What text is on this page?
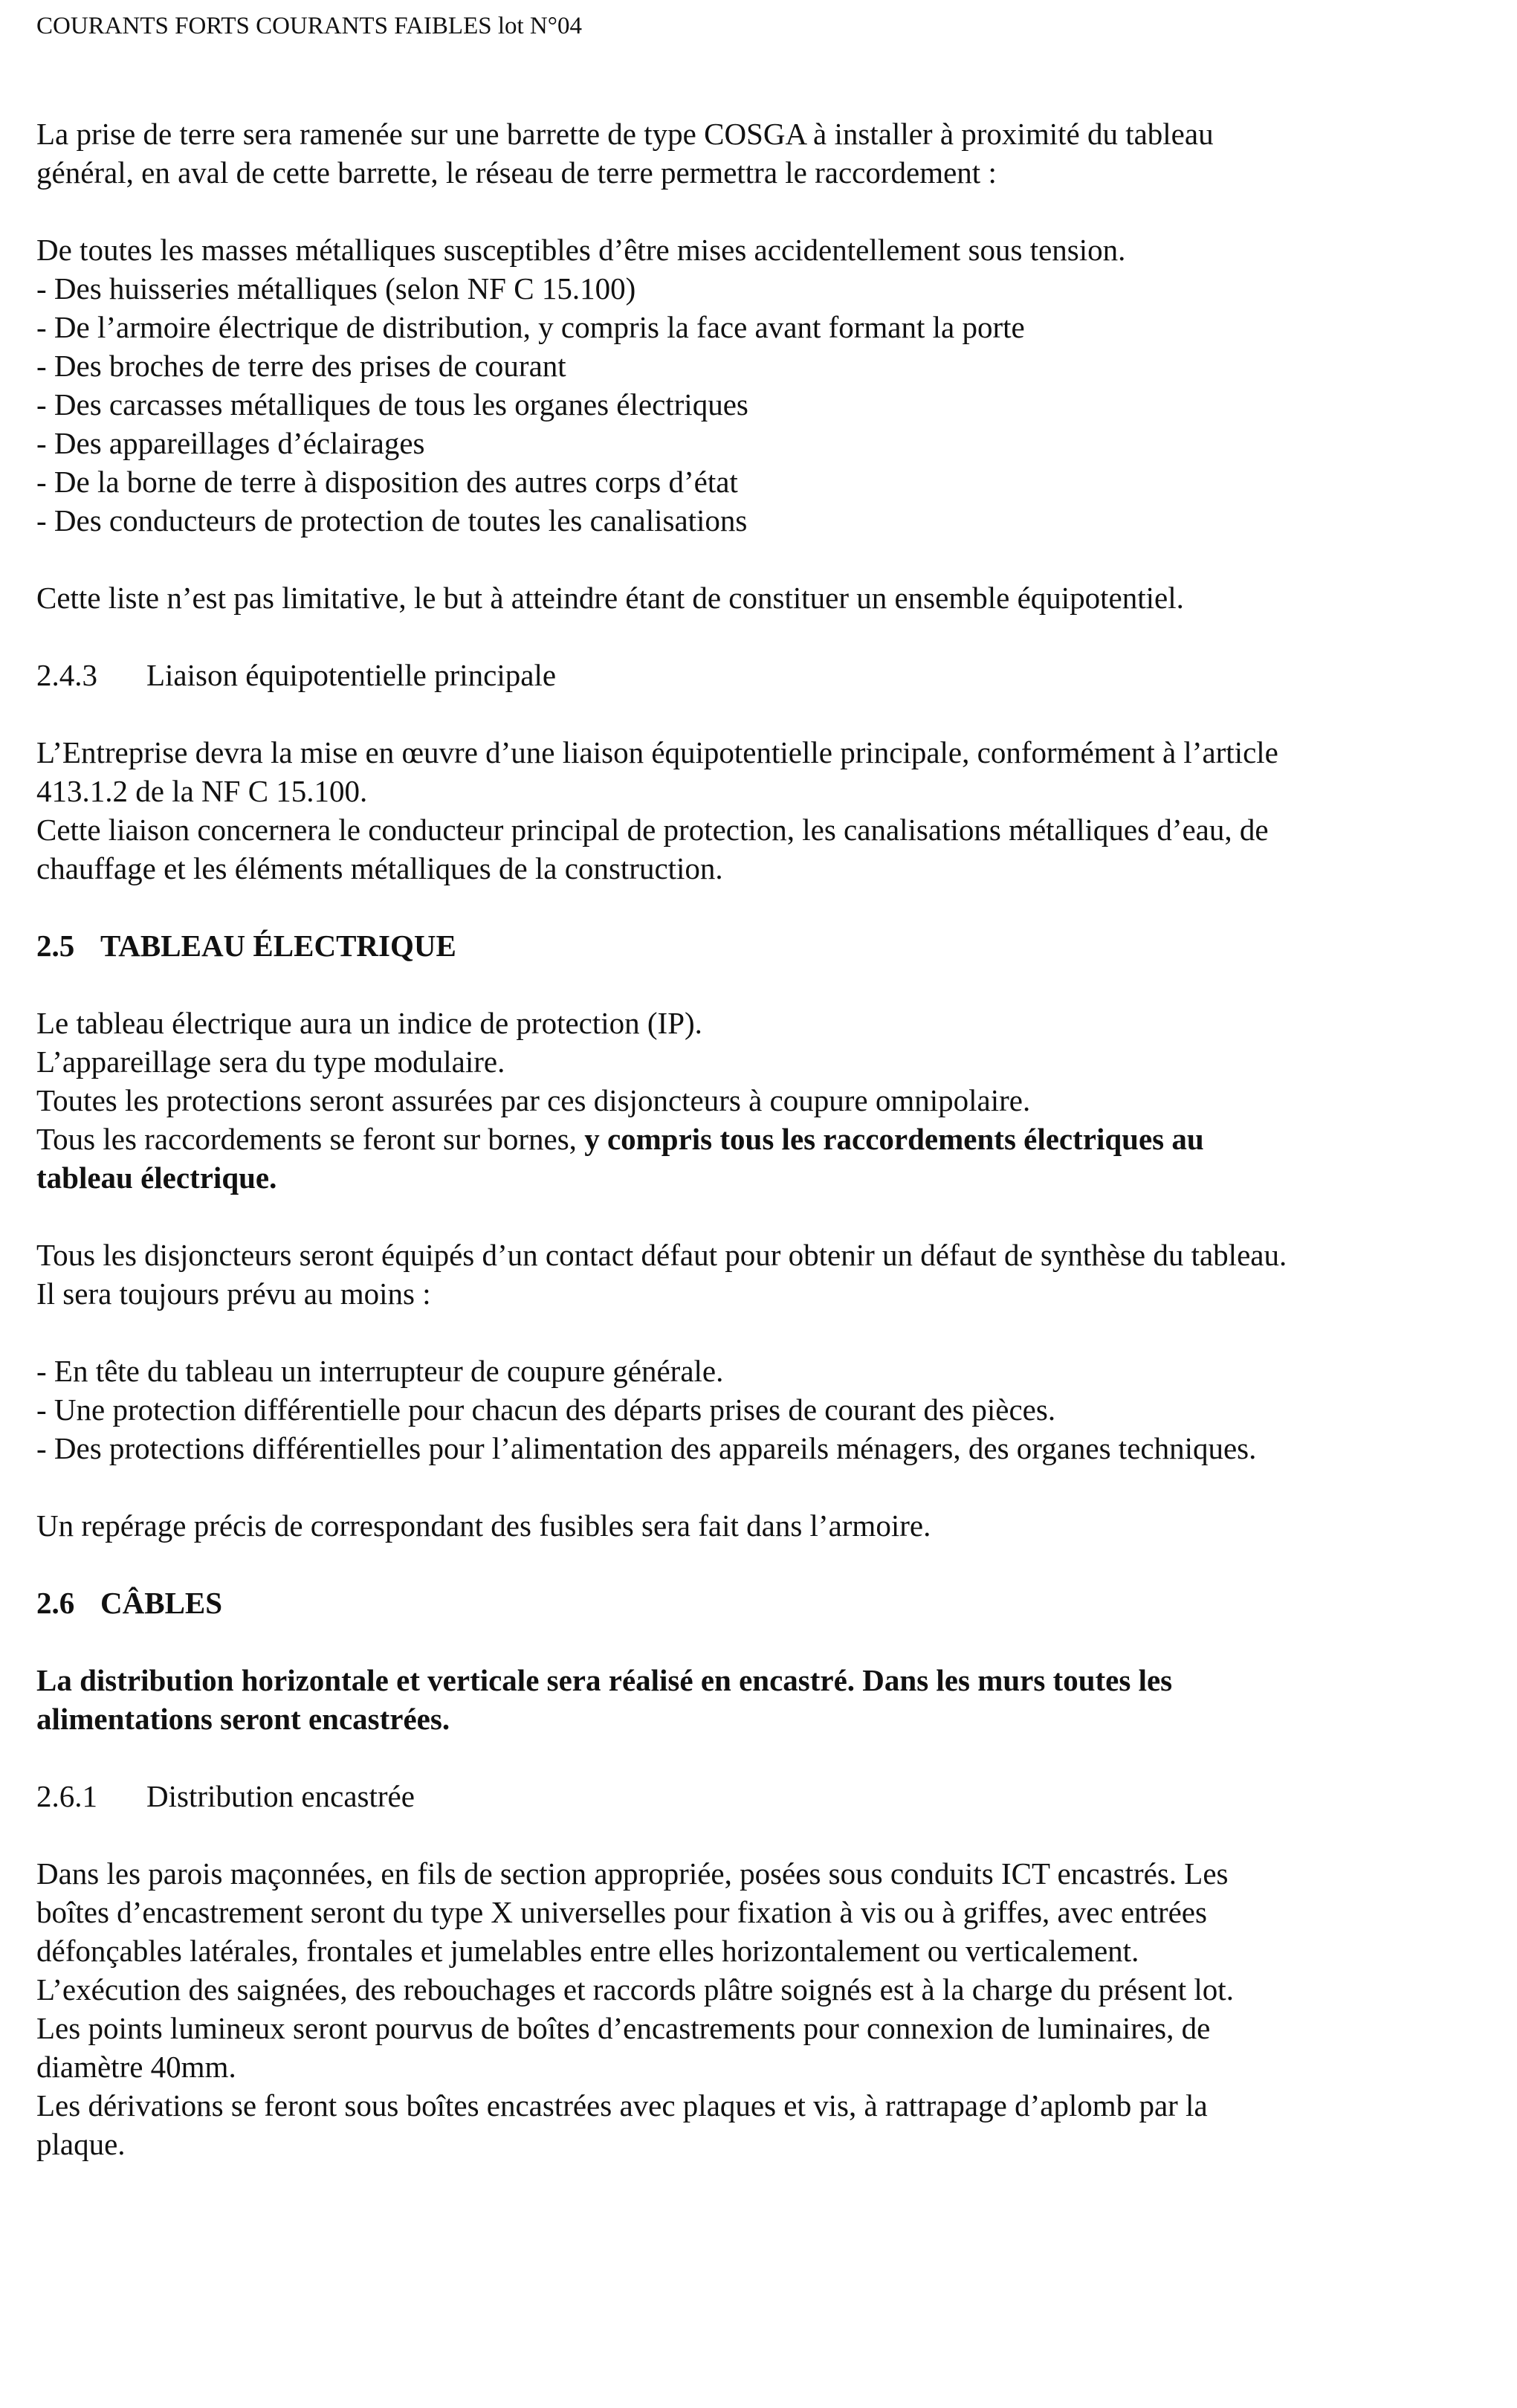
COURANTS FORTS COURANTS FAIBLES lot N°04

La prise de terre sera ramenée sur une barrette de type COSGA à installer à proximité du tableau

général, en aval de cette barrette, le réseau de terre permettra le raccordement :

De toutes les masses métalliques susceptibles d’être mises accidentellement sous tension.

- Des huisseries métalliques (selon NF C 15.100)

- De l’armoire électrique de distribution, y compris la face avant formant la porte

- Des broches de terre des prises de courant

- Des carcasses métalliques de tous les organes électriques

- Des appareillages d’éclairages

- De la borne de terre à disposition des autres corps d’état

- Des conducteurs de protection de toutes les canalisations

Cette liste n’est pas limitative, le but à atteindre étant de constituer un ensemble équipotentiel.

2.4.3 Liaison équipotentielle principale

L’Entreprise devra la mise en œuvre d’une liaison équipotentielle principale, conformément à l’article

413.1.2 de la NF C 15.100.

Cette liaison concernera le conducteur principal de protection, les canalisations métalliques d’eau, de

chauffage et les éléments métalliques de la construction.

2.5 TABLEAU ÉLECTRIQUE

Le tableau électrique aura un indice de protection (IP).

L’appareillage sera du type modulaire.

Toutes les protections seront assurées par ces disjoncteurs à coupure omnipolaire.

Tous les raccordements se feront sur bornes, y compris tous les raccordements électriques au

tableau électrique.

Tous les disjoncteurs seront équipés d’un contact défaut pour obtenir un défaut de synthèse du tableau.

Il sera toujours prévu au moins :

- En tête du tableau un interrupteur de coupure générale.

- Une protection différentielle pour chacun des départs prises de courant des pièces.

- Des protections différentielles pour l’alimentation des appareils ménagers, des organes techniques.

Un repérage précis de correspondant des fusibles sera fait dans l’armoire.

2.6 CÂBLES

La distribution horizontale et verticale sera réalisé en encastré. Dans les murs toutes les

alimentations seront encastrées.

2.6.1 Distribution encastrée

Dans les parois maçonnées, en fils de section appropriée, posées sous conduits ICT encastrés. Les

boîtes d’encastrement seront du type X universelles pour fixation à vis ou à griffes, avec entrées

défonçables latérales, frontales et jumelables entre elles horizontalement ou verticalement.

L’exécution des saignées, des rebouchages et raccords plâtre soignés est à la charge du présent lot.

Les points lumineux seront pourvus de boîtes d’encastrements pour connexion de luminaires, de

diamètre 40mm.

Les dérivations se feront sous boîtes encastrées avec plaques et vis, à rattrapage d’aplomb par la

plaque.
